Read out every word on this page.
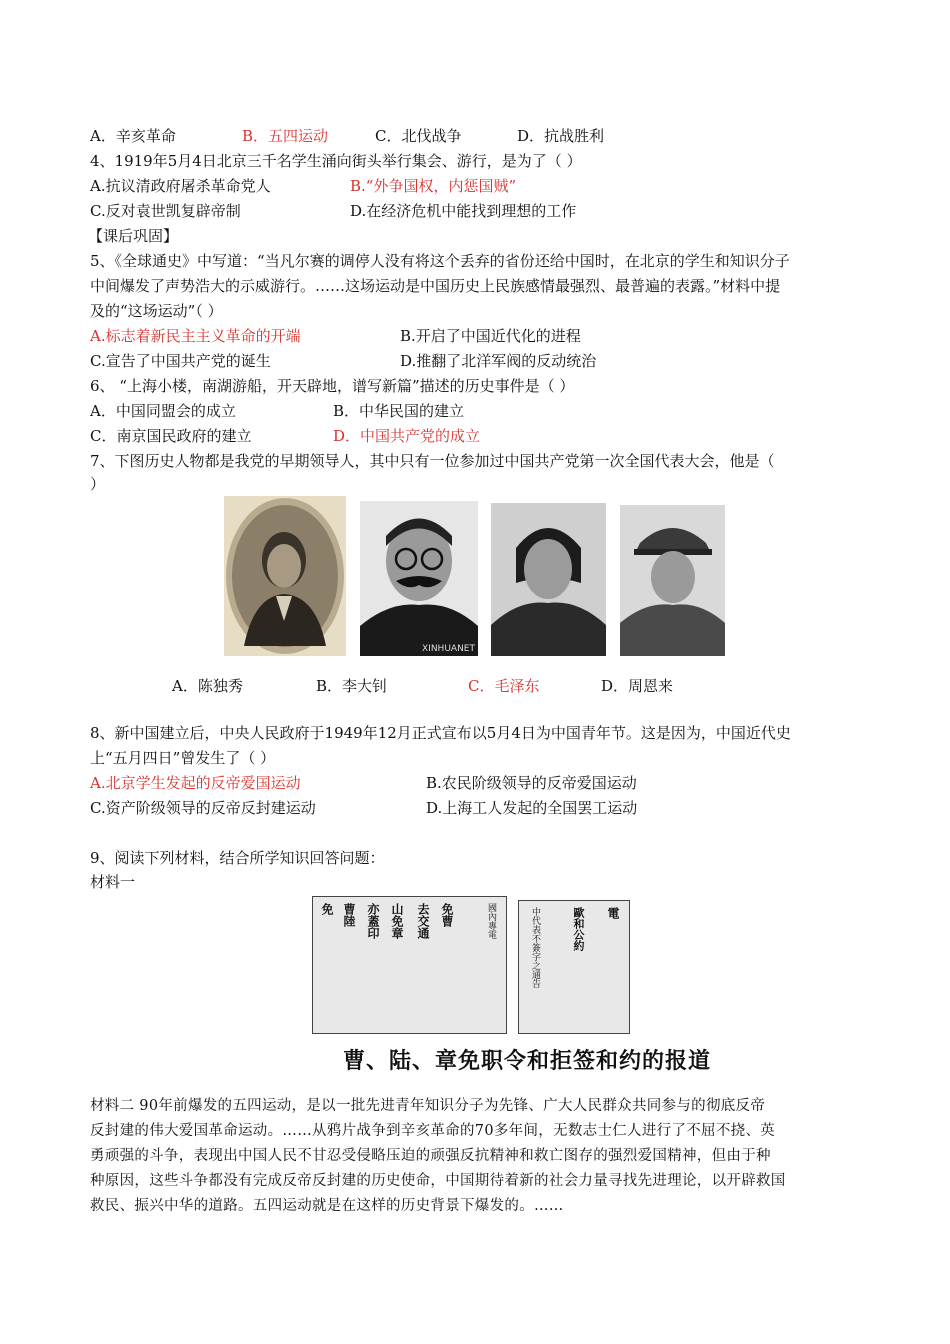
A．辛亥革命	B．五四运动	C．北伐战争	D．抗战胜利
4、1919年5月4日北京三千名学生涌向街头举行集会、游行，是为了（ ）
A.抗议清政府屠杀革命党人	B.“外争国权，内惩国贼”
C.反对袁世凯复辟帝制	D.在经济危机中能找到理想的工作
【课后巩固】
5、《全球通史》中写道：“当凡尔赛的调停人没有将这个丢弃的省份还给中国时，在北京的学生和知识分子
中间爆发了声势浩大的示威游行。……这场运动是中国历史上民族感情最强烈、最普遍的表露。”材料中提
及的“这场运动”（ ）
A.标志着新民主主义革命的开端	B.开启了中国近代化的进程
C.宣告了中国共产党的诞生	D.推翻了北洋军阀的反动统治
6、 “上海小楼，南湖游船，开天辟地，谱写新篇”描述的历史事件是（ ）
A．中国同盟会的成立	B．中华民国的建立
C．南京国民政府的建立	D．中国共产党的成立
7、下图历史人物都是我党的早期领导人，其中只有一位参加过中国共产党第一次全国代表大会，他是（
）
XINHUANET
A．陈独秀	B．李大钊	C．毛泽东	D．周恩来
8、新中国建立后，中央人民政府于1949年12月正式宣布以5月4日为中国青年节。这是因为，中国近代史
上“五月四日”曾发生了（ ）
A.北京学生发起的反帝爱国运动	B.农民阶级领导的反帝爱国运动
C.资产阶级领导的反帝反封建运动	D.上海工人发起的全国罢工运动
9、阅读下列材料，结合所学知识回答问题：
材料一
免 曹陸 亦蓋印 山免章 去交通 免曹	國內專電	中代表不簽字之通告	歐和公約 電
曹、陆、章免职令和拒签和约的报道

材料二 90年前爆发的五四运动，是以一批先进青年知识分子为先锋、广大人民群众共同参与的彻底反帝

反封建的伟大爱国革命运动。……从鸦片战争到辛亥革命的70多年间，无数志士仁人进行了不屈不挠、英

勇顽强的斗争，表现出中国人民不甘忍受侵略压迫的顽强反抗精神和救亡图存的强烈爱国精神，但由于种

种原因，这些斗争都没有完成反帝反封建的历史使命，中国期待着新的社会力量寻找先进理论，以开辟救国

救民、振兴中华的道路。五四运动就是在这样的历史背景下爆发的。……
